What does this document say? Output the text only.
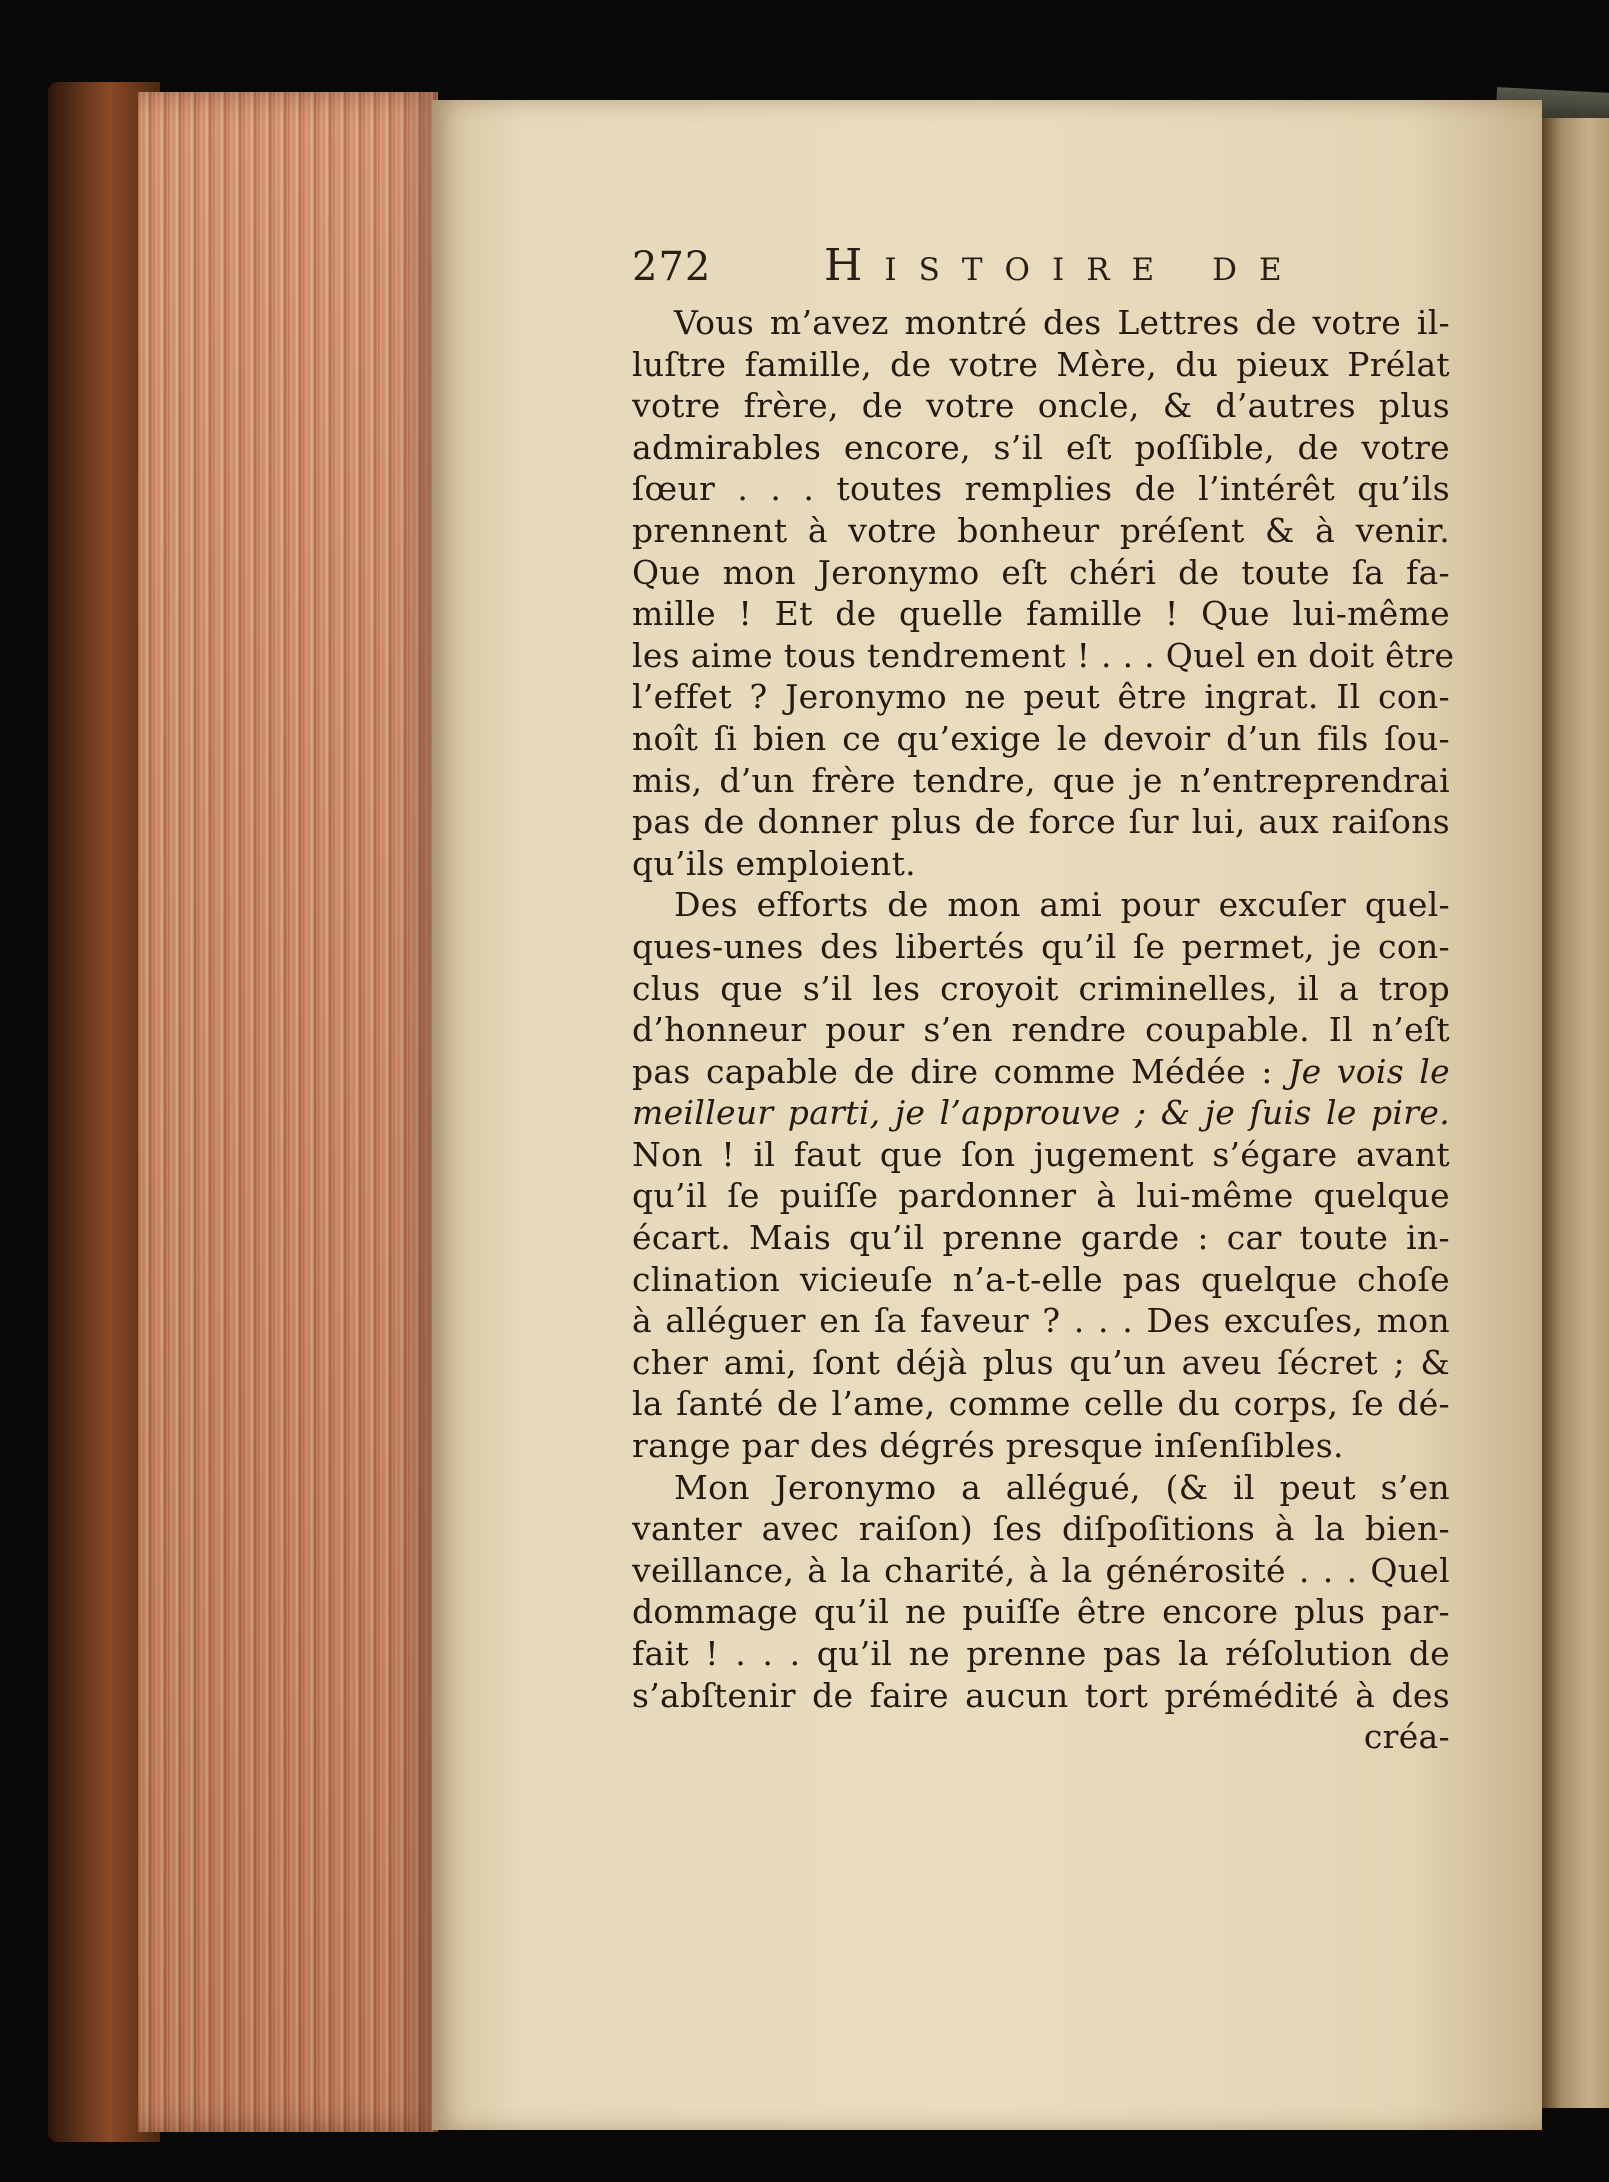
272	Histoire de
Vous m’avez montré des Lettres de votre il-
luſtre famille, de votre Mère, du pieux Prélat
votre frère, de votre oncle, & d’autres plus
admirables encore, s’il eſt poſſible, de votre
ſœur . . . toutes remplies de l’intérêt qu’ils
prennent à votre bonheur préſent & à venir.
Que mon Jeronymo eſt chéri de toute ſa fa-
mille ! Et de quelle famille ! Que lui-même
les aime tous tendrement ! . . . Quel en doit être
l’effet ? Jeronymo ne peut être ingrat. Il con-
noît ſi bien ce qu’exige le devoir d’un fils ſou-
mis, d’un frère tendre, que je n’entreprendrai
pas de donner plus de force ſur lui, aux raiſons
qu’ils emploient.
Des efforts de mon ami pour excuſer quel-
ques-unes des libertés qu’il ſe permet, je con-
clus que s’il les croyoit criminelles, il a trop
d’honneur pour s’en rendre coupable. Il n’eſt
pas capable de dire comme Médée : Je vois le
meilleur parti, je l’approuve ; & je ſuis le pire.
Non ! il faut que ſon jugement s’égare avant
qu’il ſe puiſſe pardonner à lui-même quelque
écart. Mais qu’il prenne garde : car toute in-
clination vicieuſe n’a-t-elle pas quelque choſe
à alléguer en ſa faveur ? . . . Des excuſes, mon
cher ami, ſont déjà plus qu’un aveu ſécret ; &
la ſanté de l’ame, comme celle du corps, ſe dé-
range par des dégrés presque inſenſibles.
Mon Jeronymo a allégué, (& il peut s’en
vanter avec raiſon) ſes diſpoſitions à la bien-
veillance, à la charité, à la générosité . . . Quel
dommage qu’il ne puiſſe être encore plus par-
fait ! . . . qu’il ne prenne pas la réſolution de
s’abſtenir de faire aucun tort prémédité à des
créa-
